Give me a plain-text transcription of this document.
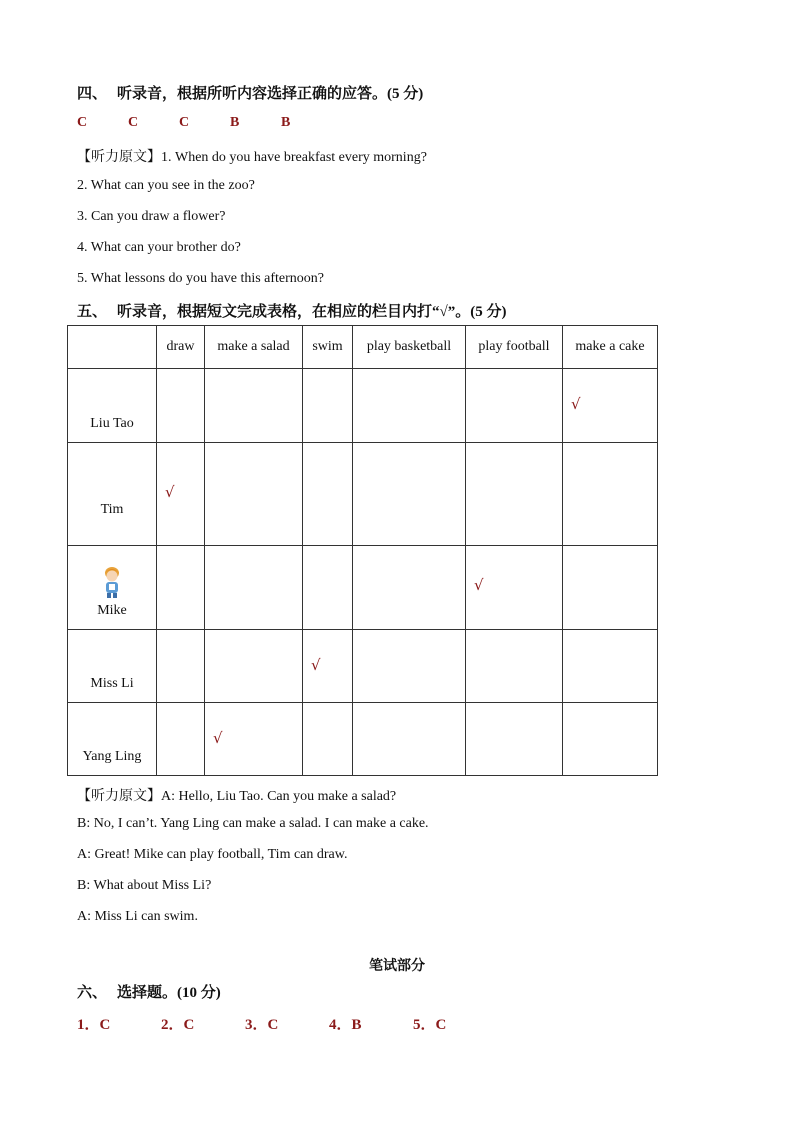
四、 听录音，根据所听内容选择正确的应答。(5 分)
C	C	C	B	B
【听力原文】1. When do you have breakfast every morning?
2. What can you see in the zoo?
3. Can you draw a flower?
4. What can your brother do?
5. What lessons do you have this afternoon?
五、 听录音，根据短文完成表格，在相应的栏目内打“√”。(5 分)
	draw	make a salad	swim	play basketball	play football	make a cake
Liu Tao						√

Tim	√					

Mike					√	

Miss Li			√			

Yang Ling		√				

【听力原文】A: Hello, Liu Tao. Can you make a salad?
B: No, I can’t. Yang Ling can make a salad. I can make a cake.
A: Great! Mike can play football, Tim can draw.
B: What about Miss Li?
A: Miss Li can swim.
笔试部分
六、 选择题。(10 分)
1．C	2．C	3．C	4．B	5．C
